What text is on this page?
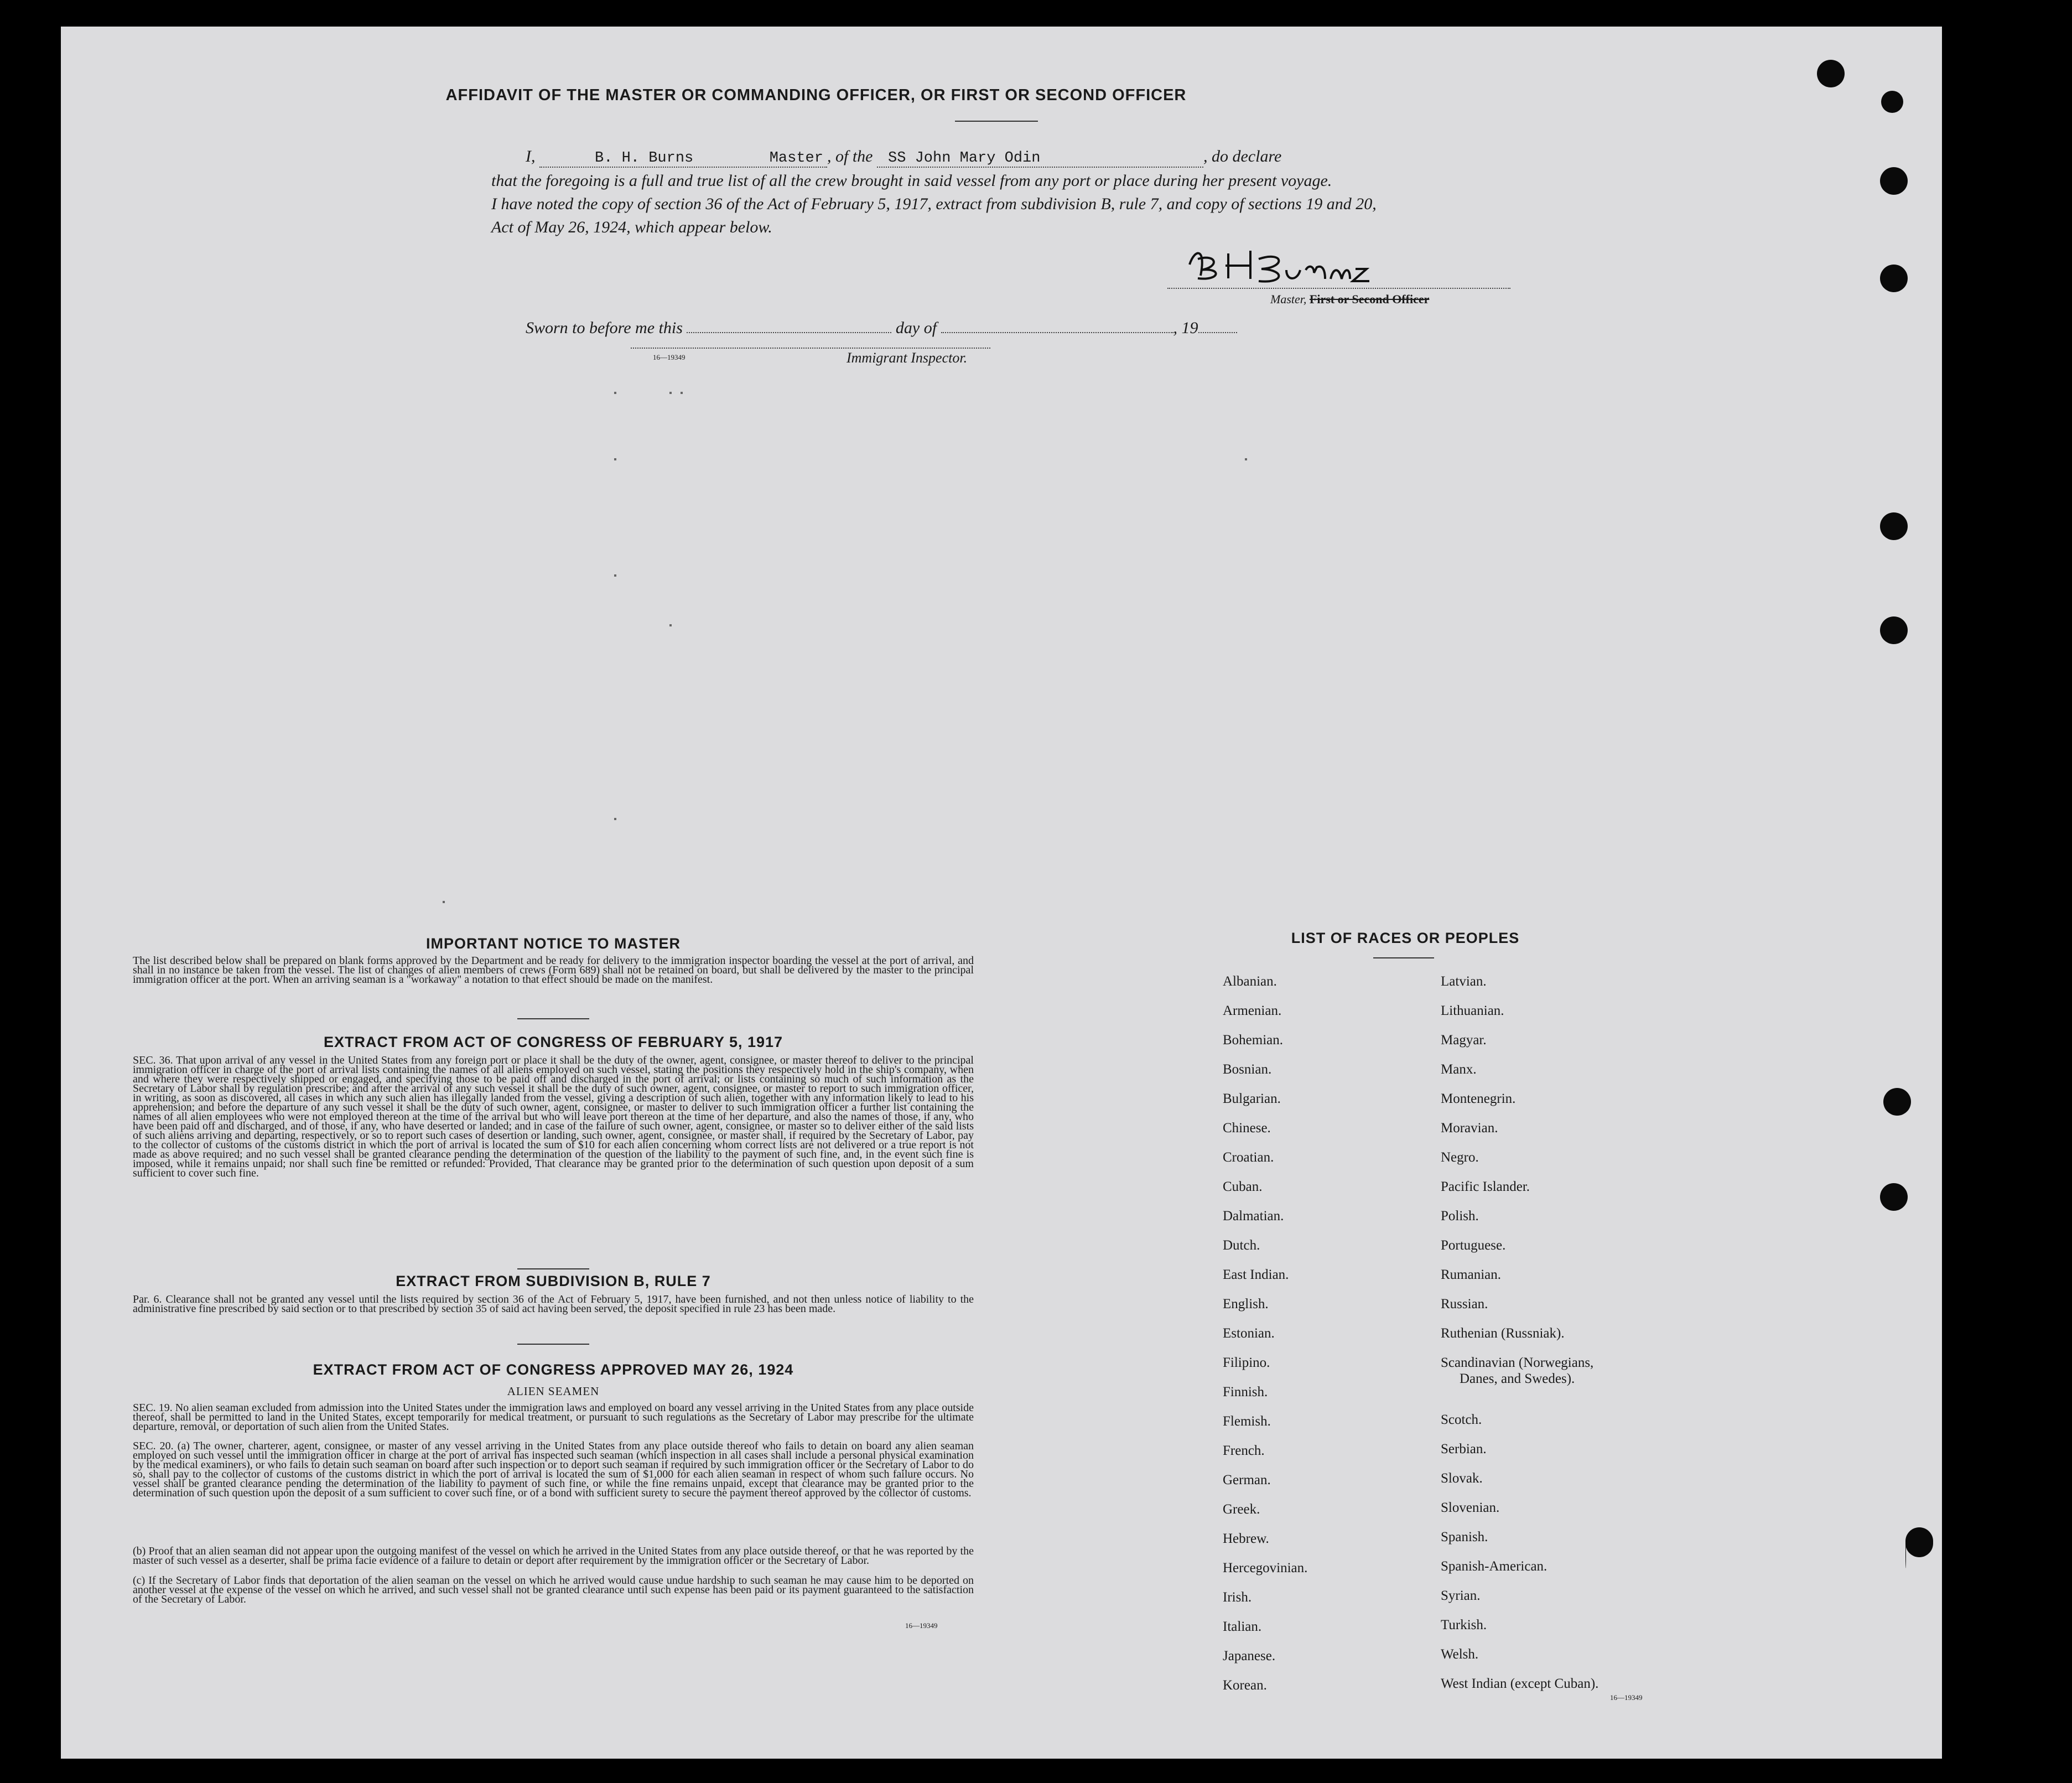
AFFIDAVIT OF THE MASTER OR COMMANDING OFFICER, OR FIRST OR SECOND OFFICER
I,	B. H. Burns	Master , of the SS John Mary Odin	, do declare
that the foregoing is a full and true list of all the crew brought in said vessel from any port or place during her present voyage.
I have noted the copy of section 36 of the Act of February 5, 1917, extract from subdivision B, rule 7, and copy of sections 19 and 20,
Act of May 26, 1924, which appear below.
Master, First or Second Officer
Sworn to before me this	day of	, 19
16—19349	Immigrant Inspector.
IMPORTANT NOTICE TO MASTER
The list described below shall be prepared on blank forms approved by the Department and be ready for delivery to the immigration inspector boarding the vessel at the port of arrival, and shall in no instance be taken from the vessel. The list of changes of alien members of crews (Form 689) shall not be retained on board, but shall be delivered by the master to the principal immigration officer at the port. When an arriving seaman is a "workaway" a notation to that effect should be made on the manifest.
EXTRACT FROM ACT OF CONGRESS OF FEBRUARY 5, 1917
SEC. 36. That upon arrival of any vessel in the United States from any foreign port or place it shall be the duty of the owner, agent, consignee, or master thereof to deliver to the principal immigration officer in charge of the port of arrival lists containing the names of all aliens employed on such vessel, stating the positions they respectively hold in the ship's company, when and where they were respectively shipped or engaged, and specifying those to be paid off and discharged in the port of arrival; or lists containing so much of such information as the Secretary of Labor shall by regulation prescribe; and after the arrival of any such vessel it shall be the duty of such owner, agent, consignee, or master to report to such immigration officer, in writing, as soon as discovered, all cases in which any such alien has illegally landed from the vessel, giving a description of such alien, together with any information likely to lead to his apprehension; and before the departure of any such vessel it shall be the duty of such owner, agent, consignee, or master to deliver to such immigration officer a further list containing the names of all alien employees who were not employed thereon at the time of the arrival but who will leave port thereon at the time of her departure, and also the names of those, if any, who have been paid off and discharged, and of those, if any, who have deserted or landed; and in case of the failure of such owner, agent, consignee, or master so to deliver either of the said lists of such aliens arriving and departing, respectively, or so to report such cases of desertion or landing, such owner, agent, consignee, or master shall, if required by the Secretary of Labor, pay to the collector of customs of the customs district in which the port of arrival is located the sum of $10 for each alien concerning whom correct lists are not delivered or a true report is not made as above required; and no such vessel shall be granted clearance pending the determination of the question of the liability to the payment of such fine, and, in the event such fine is imposed, while it remains unpaid; nor shall such fine be remitted or refunded: Provided, That clearance may be granted prior to the determination of such question upon deposit of a sum sufficient to cover such fine.
EXTRACT FROM SUBDIVISION B, RULE 7
Par. 6. Clearance shall not be granted any vessel until the lists required by section 36 of the Act of February 5, 1917, have been furnished, and not then unless notice of liability to the administrative fine prescribed by said section or to that prescribed by section 35 of said act having been served, the deposit specified in rule 23 has been made.
EXTRACT FROM ACT OF CONGRESS APPROVED MAY 26, 1924
ALIEN SEAMEN
SEC. 19. No alien seaman excluded from admission into the United States under the immigration laws and employed on board any vessel arriving in the United States from any place outside thereof, shall be permitted to land in the United States, except temporarily for medical treatment, or pursuant to such regulations as the Secretary of Labor may prescribe for the ultimate departure, removal, or deportation of such alien from the United States.
SEC. 20. (a) The owner, charterer, agent, consignee, or master of any vessel arriving in the United States from any place outside thereof who fails to detain on board any alien seaman employed on such vessel until the immigration officer in charge at the port of arrival has inspected such seaman (which inspection in all cases shall include a personal physical examination by the medical examiners), or who fails to detain such seaman on board after such inspection or to deport such seaman if required by such immigration officer or the Secretary of Labor to do so, shall pay to the collector of customs of the customs district in which the port of arrival is located the sum of $1,000 for each alien seaman in respect of whom such failure occurs. No vessel shall be granted clearance pending the determination of the liability to payment of such fine, or while the fine remains unpaid, except that clearance may be granted prior to the determination of such question upon the deposit of a sum sufficient to cover such fine, or of a bond with sufficient surety to secure the payment thereof approved by the collector of customs.
(b) Proof that an alien seaman did not appear upon the outgoing manifest of the vessel on which he arrived in the United States from any place outside thereof, or that he was reported by the master of such vessel as a deserter, shall be prima facie evidence of a failure to detain or deport after requirement by the immigration officer or the Secretary of Labor.
(c) If the Secretary of Labor finds that deportation of the alien seaman on the vessel on which he arrived would cause undue hardship to such seaman he may cause him to be deported on another vessel at the expense of the vessel on which he arrived, and such vessel shall not be granted clearance until such expense has been paid or its payment guaranteed to the satisfaction of the Secretary of Labor.
16—19349
LIST OF RACES OR PEOPLES
16—19349
Albanian.
Armenian.
Bohemian.
Bosnian.
Bulgarian.
Chinese.
Croatian.
Cuban.
Dalmatian.
Dutch.
East Indian.
English.
Estonian.
Filipino.
Finnish.
Flemish.
French.
German.
Greek.
Hebrew.
Hercegovinian.
Irish.
Italian.
Japanese.
Korean.
Latvian.
Lithuanian.
Magyar.
Manx.
Montenegrin.
Moravian.
Negro.
Pacific Islander.
Polish.
Portuguese.
Rumanian.
Russian.
Ruthenian (Russniak).
Scandinavian (Norwegians,
Danes, and Swedes).
Scotch.
Serbian.
Slovak.
Slovenian.
Spanish.
Spanish-American.
Syrian.
Turkish.
Welsh.
West Indian (except Cuban).
